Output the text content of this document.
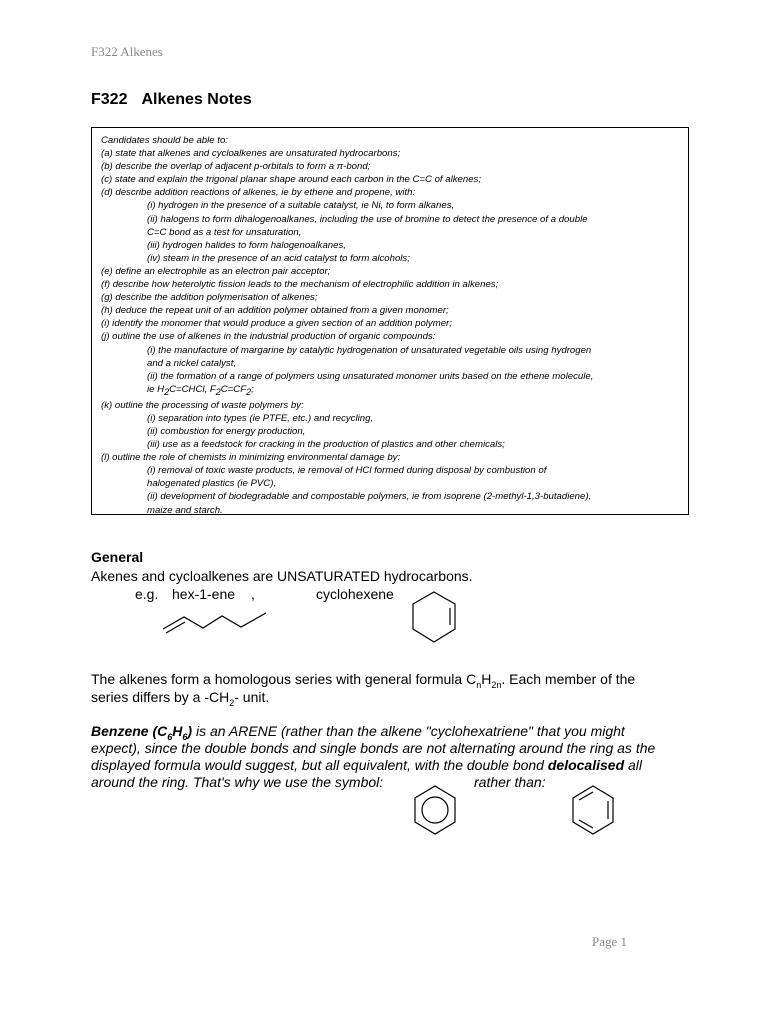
F322 Alkenes
F322 Alkenes Notes
Candidates should be able to:
(a) state that alkenes and cycloalkenes are unsaturated hydrocarbons;
(b) describe the overlap of adjacent p-orbitals to form a π-bond;
(c) state and explain the trigonal planar shape around each carbon in the C=C of alkenes;
(d) describe addition reactions of alkenes, ie by ethene and propene, with:
(i) hydrogen in the presence of a suitable catalyst, ie Ni, to form alkanes,
(ii) halogens to form dihalogenoalkanes, including the use of bromine to detect the presence of a double
C=C bond as a test for unsaturation,
(iii) hydrogen halides to form halogenoalkanes,
(iv) steam in the presence of an acid catalyst to form alcohols;
(e) define an electrophile as an electron pair acceptor;
(f) describe how heterolytic fission leads to the mechanism of electrophilic addition in alkenes;
(g) describe the addition polymerisation of alkenes;
(h) deduce the repeat unit of an addition polymer obtained from a given monomer;
(i) identify the monomer that would produce a given section of an addition polymer;
(j) outline the use of alkenes in the industrial production of organic compounds:
(i) the manufacture of margarine by catalytic hydrogenation of unsaturated vegetable oils using hydrogen
and a nickel catalyst,
(ii) the formation of a range of polymers using unsaturated monomer units based on the ethene molecule,
ie $H_2C=CHCl$, $F_2C=CF_2$;
(k) outline the processing of waste polymers by:
(i) separation into types (ie PTFE, etc.) and recycling,
(ii) combustion for energy production,
(iii) use as a feedstock for cracking in the production of plastics and other chemicals;
(l) outline the role of chemists in minimizing environmental damage by:
(i) removal of toxic waste products, ie removal of HCl formed during disposal by combustion of
halogenated plastics (ie PVC),
(ii) development of biodegradable and compostable polymers, ie from isoprene (2-methyl-1,3-butadiene),
maize and starch.
General
Akenes and cycloalkenes are UNSATURATED hydrocarbons.
e.g. hex-1-ene ,	cyclohexene
The alkenes form a homologous series with general formula $C_nH_{2n}$. Each member of the
series differs by a $-CH_2-$ unit.
Benzene $(C_6H_6)$ is an ARENE (rather than the alkene "cyclohexatriene" that you might
expect), since the double bonds and single bonds are not alternating around the ring as the
displayed formula would suggest, but all equivalent, with the double bond delocalised all
around the ring. That's why we use the symbol:	rather than:
Page 1
